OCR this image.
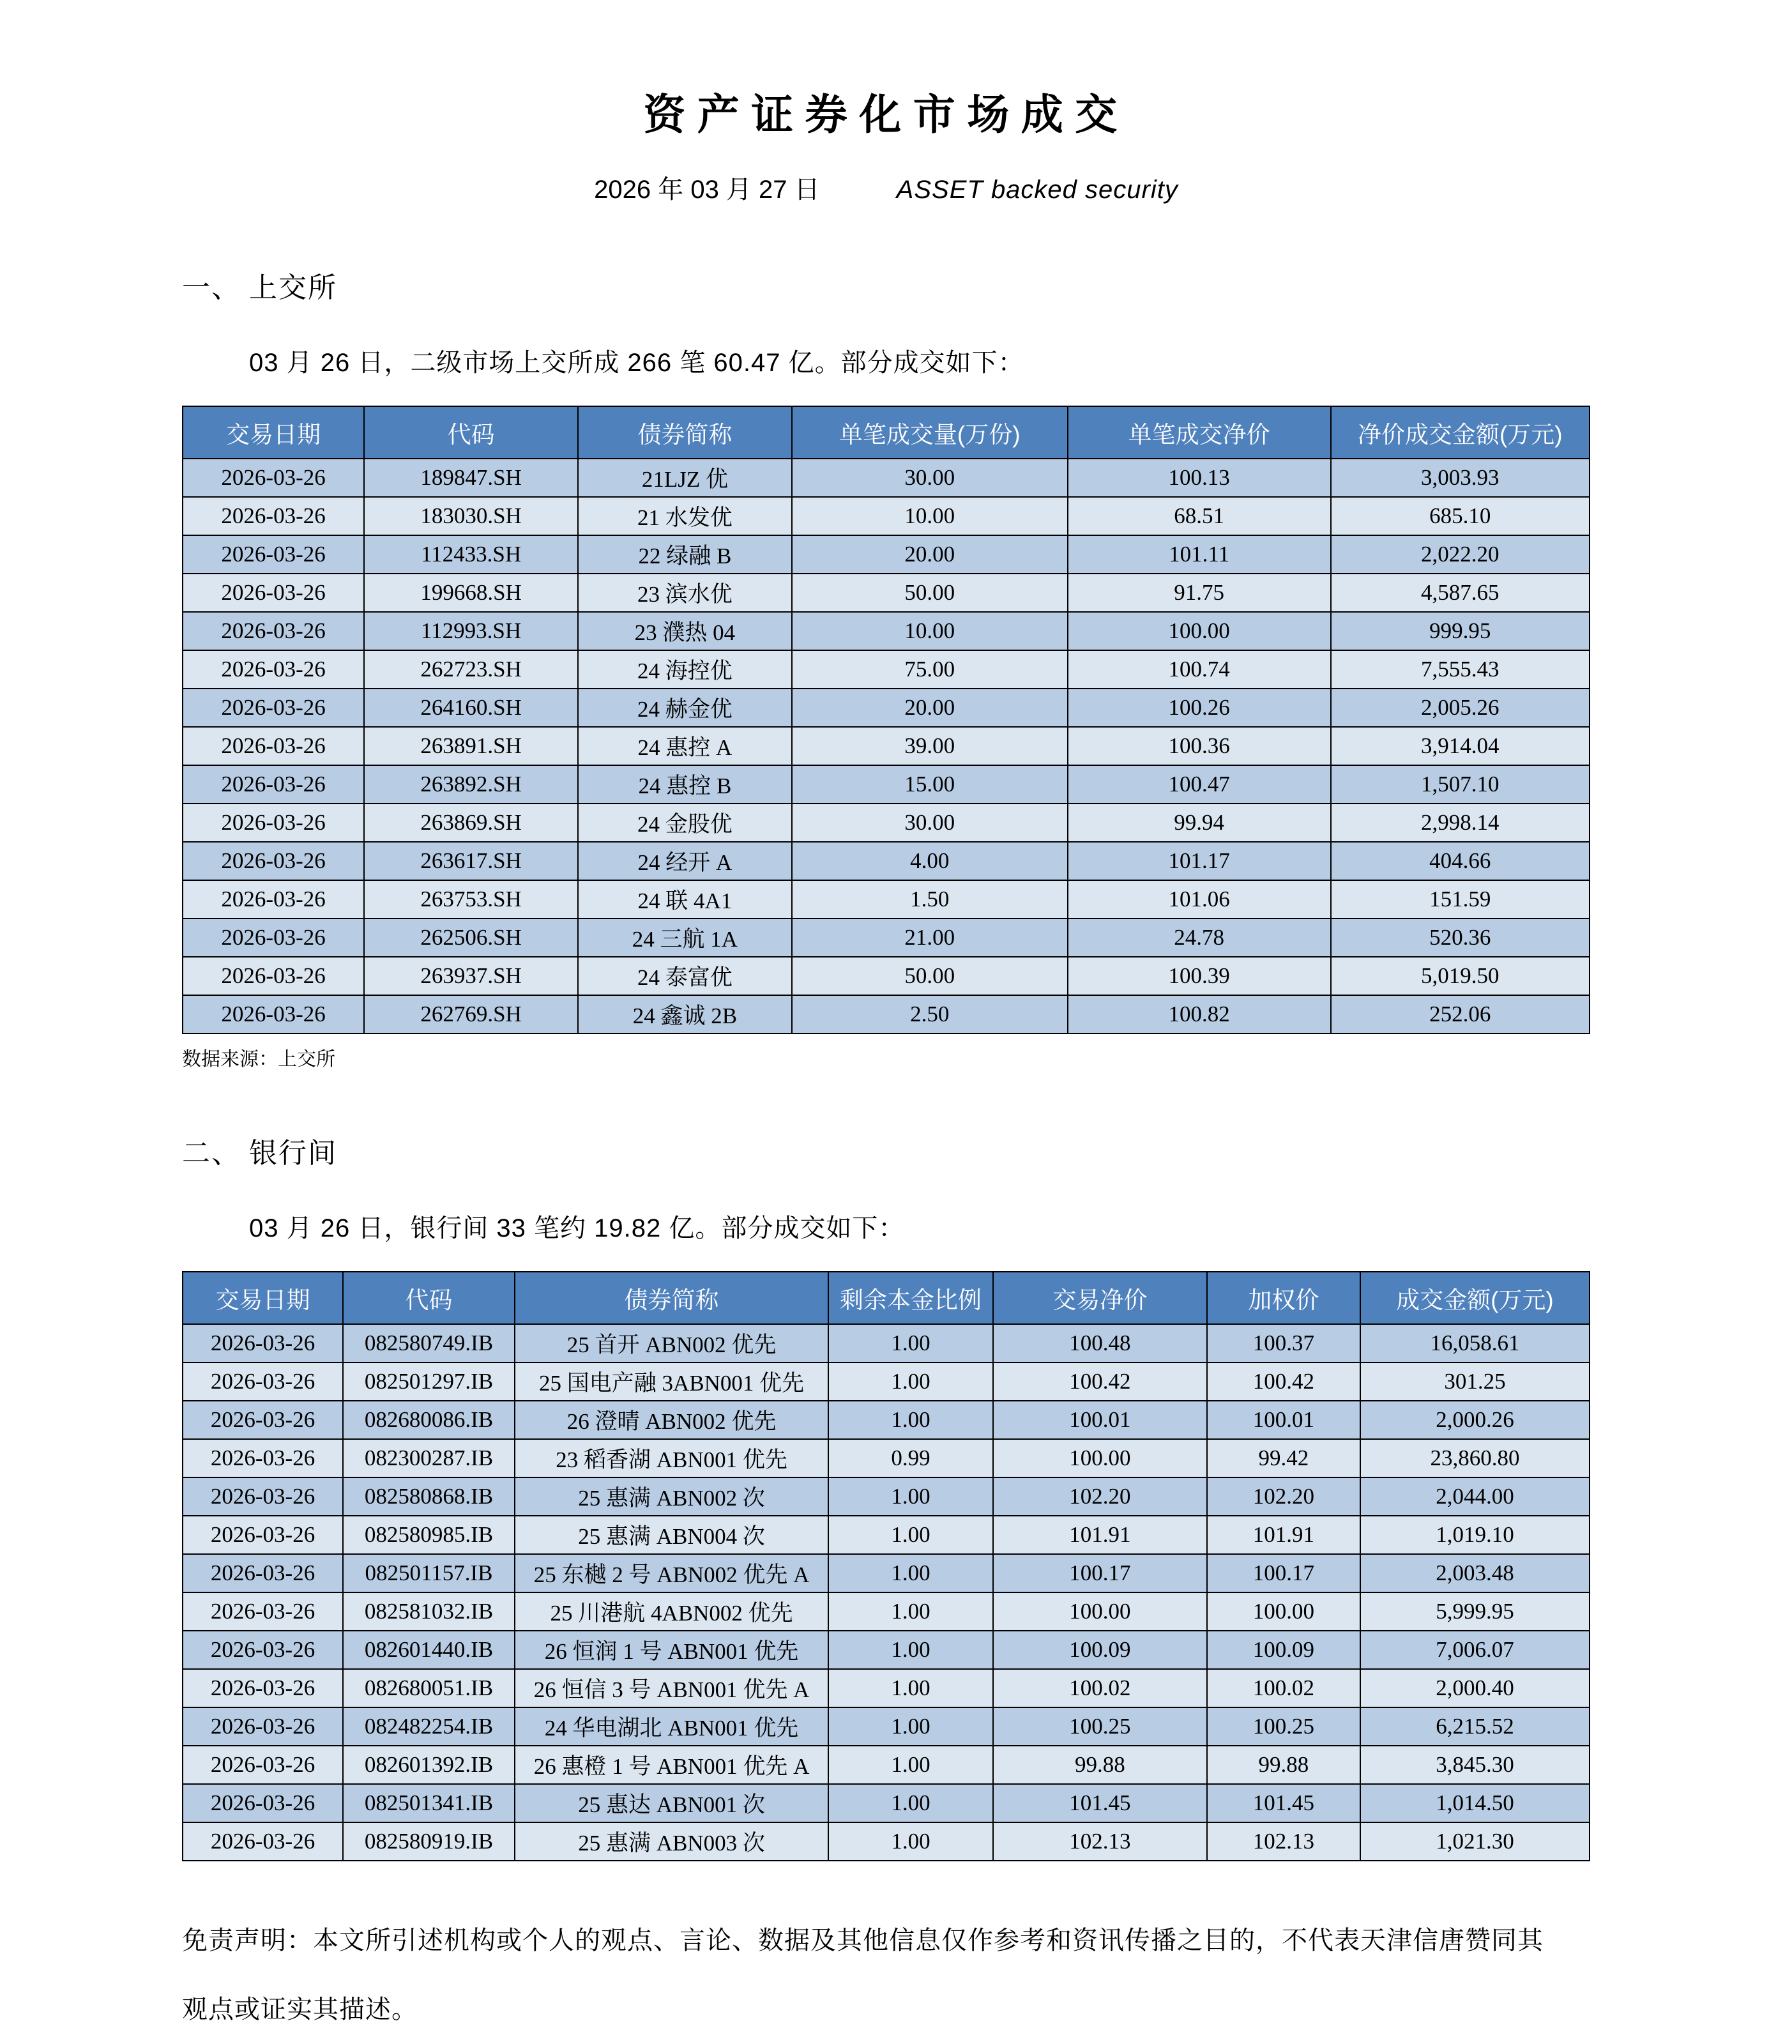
资产证券化市场成交
2026 年 03 月 27 日	ASSET backed security
一、 上交所
03 月 26 日，二级市场上交所成 266 笔 60.47 亿。部分成交如下：
交易日期	代码	债券简称	单笔成交量(万份)	单笔成交净价	净价成交金额(万元)
2026-03-26	189847.SH	21LJZ 优	30.00	100.13	3,003.93
2026-03-26	183030.SH	21 水发优	10.00	68.51	685.10
2026-03-26	112433.SH	22 绿融 B	20.00	101.11	2,022.20
2026-03-26	199668.SH	23 滨水优	50.00	91.75	4,587.65
2026-03-26	112993.SH	23 濮热 04	10.00	100.00	999.95
2026-03-26	262723.SH	24 海控优	75.00	100.74	7,555.43
2026-03-26	264160.SH	24 赫金优	20.00	100.26	2,005.26
2026-03-26	263891.SH	24 惠控 A	39.00	100.36	3,914.04
2026-03-26	263892.SH	24 惠控 B	15.00	100.47	1,507.10
2026-03-26	263869.SH	24 金股优	30.00	99.94	2,998.14
2026-03-26	263617.SH	24 经开 A	4.00	101.17	404.66
2026-03-26	263753.SH	24 联 4A1	1.50	101.06	151.59
2026-03-26	262506.SH	24 三航 1A	21.00	24.78	520.36
2026-03-26	263937.SH	24 泰富优	50.00	100.39	5,019.50
2026-03-26	262769.SH	24 鑫诚 2B	2.50	100.82	252.06
数据来源：上交所
二、 银行间
03 月 26 日，银行间 33 笔约 19.82 亿。部分成交如下：
交易日期	代码	债券简称	剩余本金比例	交易净价	加权价	成交金额(万元)
2026-03-26	082580749.IB	25 首开 ABN002 优先	1.00	100.48	100.37	16,058.61
2026-03-26	082501297.IB	25 国电产融 3ABN001 优先	1.00	100.42	100.42	301.25
2026-03-26	082680086.IB	26 澄晴 ABN002 优先	1.00	100.01	100.01	2,000.26
2026-03-26	082300287.IB	23 稻香湖 ABN001 优先	0.99	100.00	99.42	23,860.80
2026-03-26	082580868.IB	25 惠满 ABN002 次	1.00	102.20	102.20	2,044.00
2026-03-26	082580985.IB	25 惠满 ABN004 次	1.00	101.91	101.91	1,019.10
2026-03-26	082501157.IB	25 东樾 2 号 ABN002 优先 A	1.00	100.17	100.17	2,003.48
2026-03-26	082581032.IB	25 川港航 4ABN002 优先	1.00	100.00	100.00	5,999.95
2026-03-26	082601440.IB	26 恒润 1 号 ABN001 优先	1.00	100.09	100.09	7,006.07
2026-03-26	082680051.IB	26 恒信 3 号 ABN001 优先 A	1.00	100.02	100.02	2,000.40
2026-03-26	082482254.IB	24 华电湖北 ABN001 优先	1.00	100.25	100.25	6,215.52
2026-03-26	082601392.IB	26 惠橙 1 号 ABN001 优先 A	1.00	99.88	99.88	3,845.30
2026-03-26	082501341.IB	25 惠达 ABN001 次	1.00	101.45	101.45	1,014.50
2026-03-26	082580919.IB	25 惠满 ABN003 次	1.00	102.13	102.13	1,021.30
免责声明：本文所引述机构或个人的观点、言论、数据及其他信息仅作参考和资讯传播之目的，不代表天津信唐赞同其观点或证实其描述。
